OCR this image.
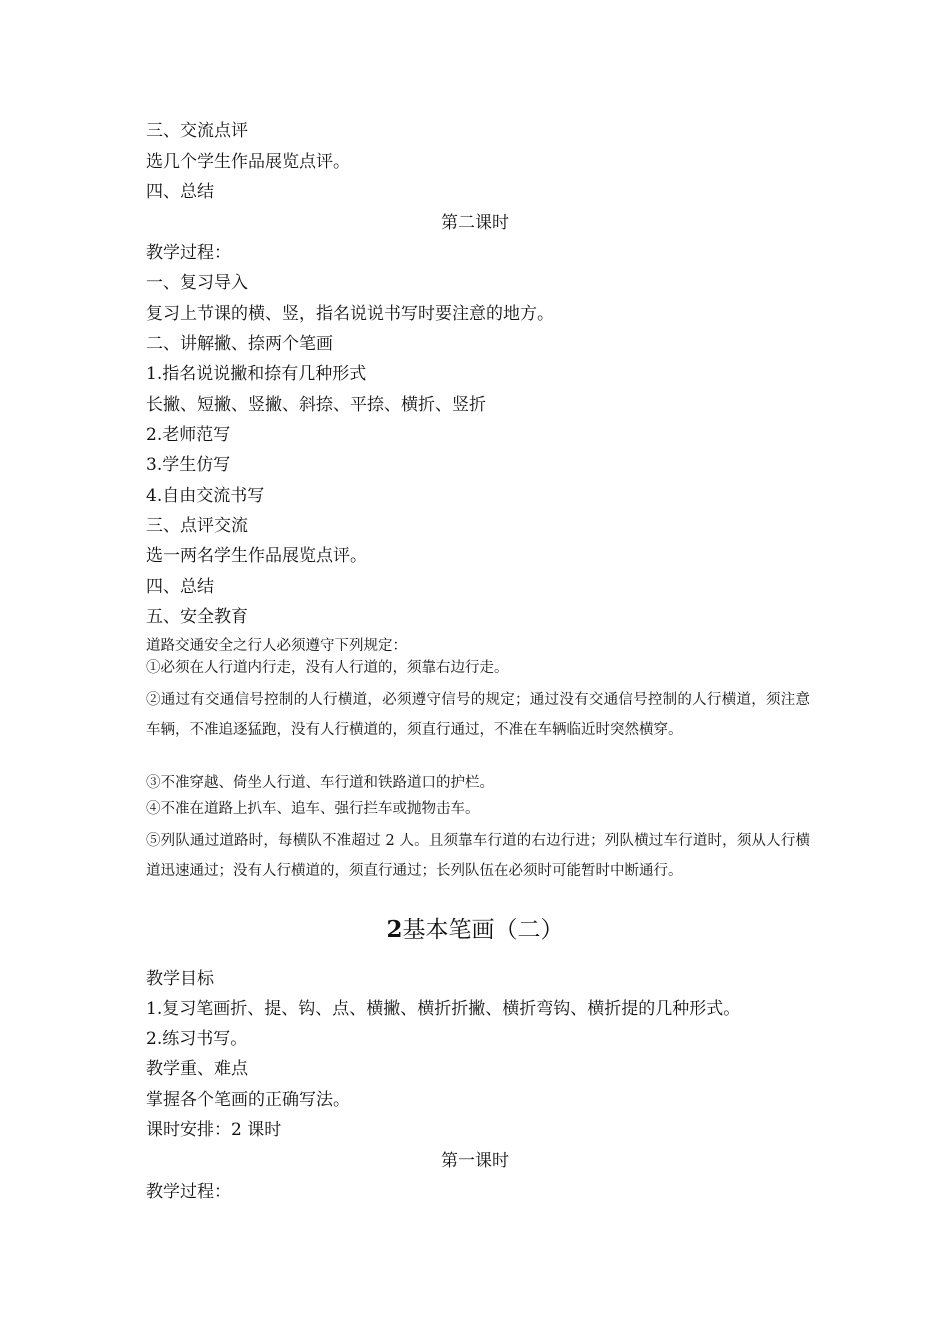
三、交流点评
选几个学生作品展览点评。
四、总结
第二课时
教学过程：
一、复习导入
复习上节课的横、竖，指名说说书写时要注意的地方。
二、讲解撇、捺两个笔画
1.指名说说撇和捺有几种形式
长撇、短撇、竖撇、斜捺、平捺、横折、竖折
2.老师范写
3.学生仿写
4.自由交流书写
三、点评交流
选一两名学生作品展览点评。
四、总结
五、安全教育
道路交通安全之行人必须遵守下列规定：
①必须在人行道内行走，没有人行道的，须靠右边行走。
②通过有交通信号控制的人行横道，必须遵守信号的规定；通过没有交通信号控制的人行横道，须注意车辆，不准追逐猛跑，没有人行横道的，须直行通过，不准在车辆临近时突然横穿。
③不准穿越、倚坐人行道、车行道和铁路道口的护栏。
④不准在道路上扒车、追车、强行拦车或抛物击车。
⑤列队通过道路时，每横队不准超过 2 人。且须靠车行道的右边行进；列队横过车行道时，须从人行横道迅速通过；没有人行横道的，须直行通过；长列队伍在必须时可能暂时中断通行。
2基本笔画（二）
教学目标
1.复习笔画折、提、钩、点、横撇、横折折撇、横折弯钩、横折提的几种形式。
2.练习书写。
教学重、难点
掌握各个笔画的正确写法。
课时安排：2 课时
第一课时
教学过程：
